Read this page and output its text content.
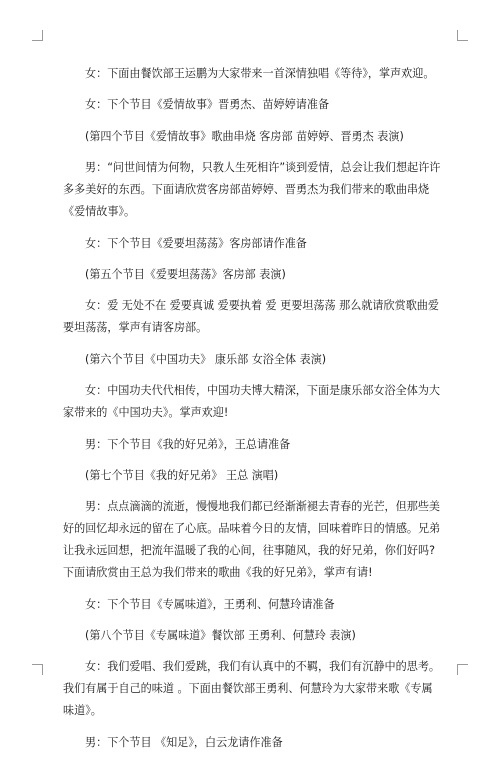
女：下面由餐饮部王运鹏为大家带来一首深情独唱《等待》，掌声欢迎。

女：下个节目《爱情故事》晋勇杰、苗婷婷请准备

(第四个节目《爱情故事》歌曲串烧 客房部 苗婷婷、晋勇杰 表演)

男：“问世间情为何物，只教人生死相许”谈到爱情，总会让我们想起许许多多美好的东西。下面请欣赏客房部苗婷婷、晋勇杰为我们带来的歌曲串烧《爱情故事》。

女：下个节目《爱要坦荡荡》客房部请作准备

(第五个节目《爱要坦荡荡》客房部 表演)

女：爱 无处不在 爱要真诚 爱要执着 爱 更要坦荡荡 那么就请欣赏歌曲爱要坦荡荡，掌声有请客房部。

(第六个节目《中国功夫》 康乐部 女浴全体 表演)

女：中国功夫代代相传，中国功夫博大精深，下面是康乐部女浴全体为大家带来的《中国功夫》。掌声欢迎!

男：下个节目《我的好兄弟》，王总请准备

(第七个节目《我的好兄弟》 王总 演唱)

男：点点滴滴的流逝，慢慢地我们都已经渐渐褪去青春的光芒，但那些美好的回忆却永远的留在了心底。品味着今日的友情，回味着昨日的情感。兄弟 让我永远回想，把流年温暖了我的心间，往事随风，我的好兄弟，你们好吗?下面请欣赏由王总为我们带来的歌曲《我的好兄弟》，掌声有请!

女：下个节目《专属味道》，王勇利、何慧玲请准备

(第八个节目《专属味道》餐饮部 王勇利、何慧玲 表演)

女：我们爱唱、我们爱跳，我们有认真中的不羁，我们有沉静中的思考。我们有属于自己的味道 。下面由餐饮部王勇利、何慧玲为大家带来歌《专属味道》。

男：下个节目 《知足》，白云龙请作准备
